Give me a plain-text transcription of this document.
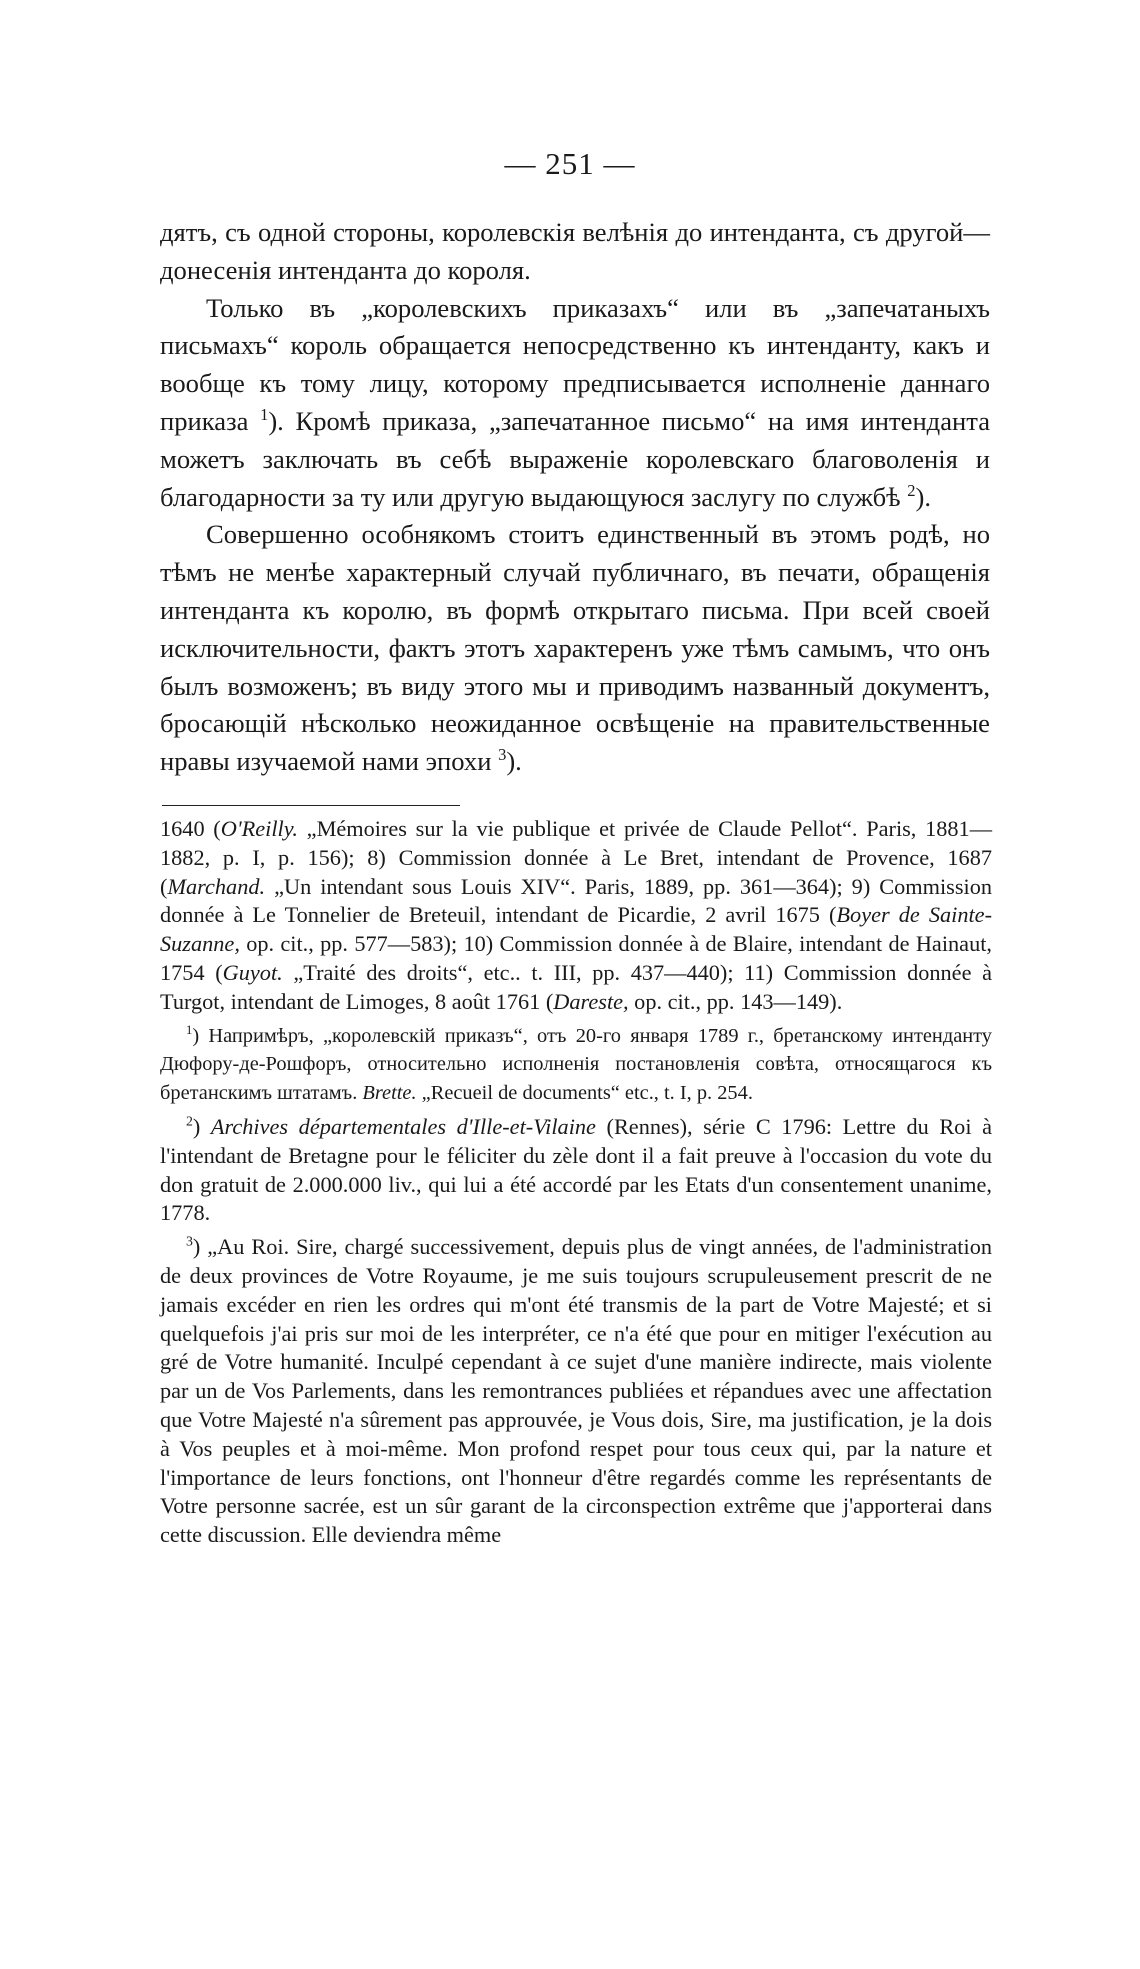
— 251 —

дятъ, съ одной стороны, королевскія велѣнія до интенданта, съ другой—донесенія интенданта до короля.

Только въ „королевскихъ приказахъ“ или въ „запечатаныхъ письмахъ“ король обращается непосредственно къ интенданту, какъ и вообще къ тому лицу, которому предписывается исполненіе даннаго приказа $^1$). Кромѣ приказа, „запечатанное письмо“ на имя интенданта можетъ заключать въ себѣ выраженіе королевскаго благоволенія и благодарности за ту или другую выдающуюся заслугу по службѣ $^2$).

Совершенно особнякомъ стоитъ единственный въ этомъ родѣ, но тѣмъ не менѣе характерный случай публичнаго, въ печати, обращенія интенданта къ королю, въ формѣ открытаго письма. При всей своей исключительности, фактъ этотъ характеренъ уже тѣмъ самымъ, что онъ былъ возможенъ; въ виду этого мы и приводимъ названный документъ, бросающій нѣсколько неожиданное освѣщеніе на правительственные нравы изучаемой нами эпохи $^3$).

1640 (O'Reilly. „Mémoires sur la vie publique et privée de Claude Pellot“. Paris, 1881—1882, p. I, p. 156); 8) Commission donnée à Le Bret, intendant de Provence, 1687 (Marchand. „Un intendant sous Louis XIV“. Paris, 1889, pp. 361—364); 9) Commission donnée à Le Tonnelier de Breteuil, intendant de Picardie, 2 avril 1675 (Boyer de Sainte-Suzanne, op. cit., pp. 577—583); 10) Commission donnée à de Blaire, intendant de Hainaut, 1754 (Guyot. „Traité des droits“, etc.. t. III, pp. 437—440); 11) Commission donnée à Turgot, intendant de Limoges, 8 août 1761 (Dareste, op. cit., pp. 143—149).

$^1$) Напримѣръ, „королевскій приказъ“, отъ 20-го января 1789 г., бретанскому интенданту Дюфору-де-Рошфоръ, относительно исполненія постановленія совѣта, относящагося къ бретанскимъ штатамъ. Brette. „Recueil de documents“ etc., t. I, p. 254.

$^2$) Archives départementales d'Ille-et-Vilaine (Rennes), série C 1796: Lettre du Roi à l'intendant de Bretagne pour le féliciter du zèle dont il a fait preuve à l'occasion du vote du don gratuit de 2.000.000 liv., qui lui a été accordé par les Etats d'un consentement unanime, 1778.

$^3$) „Au Roi. Sire, chargé successivement, depuis plus de vingt années, de l'administration de deux provinces de Votre Royaume, je me suis toujours scrupuleusement prescrit de ne jamais excéder en rien les ordres qui m'ont été transmis de la part de Votre Majesté; et si quelquefois j'ai pris sur moi de les interpréter, ce n'a été que pour en mitiger l'exécution au gré de Votre humanité. Inculpé cependant à ce sujet d'une manière indirecte, mais violente par un de Vos Parlements, dans les remontrances publiées et répandues avec une affectation que Votre Majesté n'a sûrement pas approuvée, je Vous dois, Sire, ma justification, je la dois à Vos peuples et à moi-même. Mon profond respet pour tous ceux qui, par la nature et l'importance de leurs fonctions, ont l'honneur d'être regardés comme les représentants de Votre personne sacrée, est un sûr garant de la circonspection extrême que j'apporterai dans cette discussion. Elle deviendra même
